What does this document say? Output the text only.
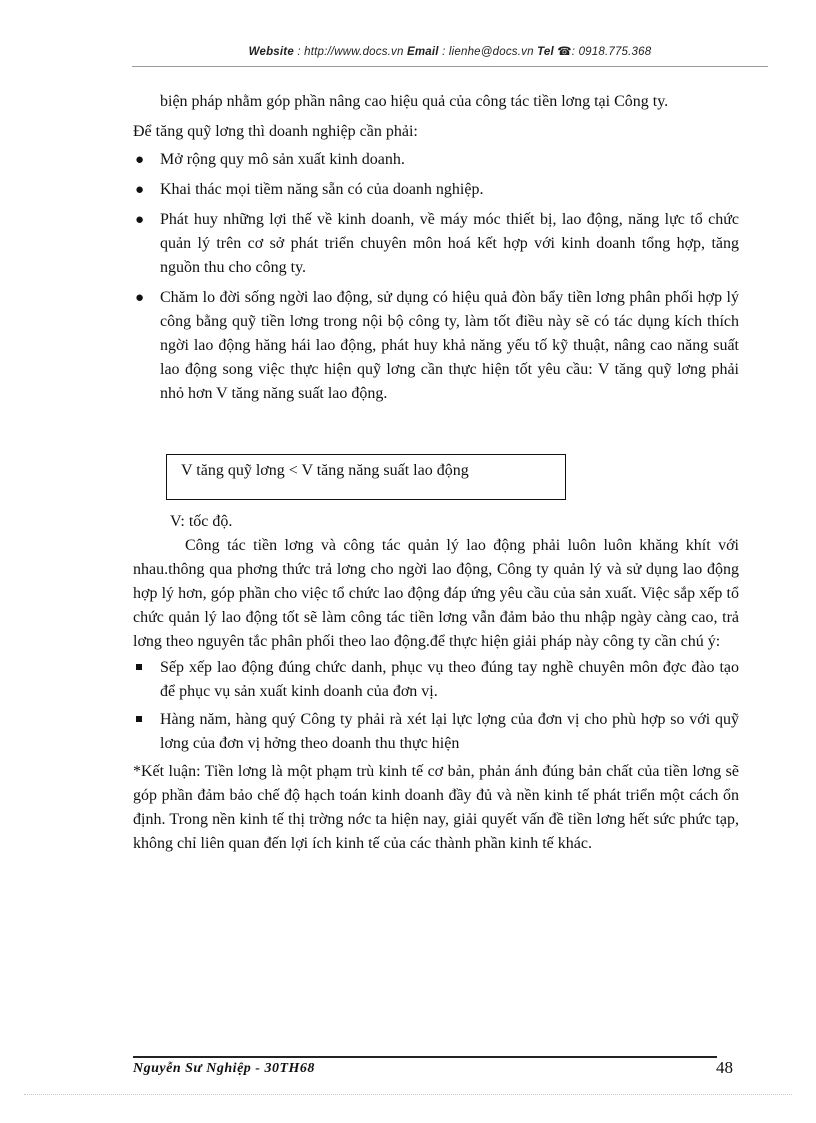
Website : http://www.docs.vn Email : lienhe@docs.vn Tel ☎: 0918.775.368

biện pháp nhằm góp phần nâng cao hiệu quả của công tác tiền lơng tại Công ty.

Để tăng quỹ lơng thì doanh nghiệp cần phải:

● Mở rộng quy mô sản xuất kinh doanh.
● Khai thác mọi tiềm năng sẵn có của doanh nghiệp.
● Phát huy những lợi thế về kinh doanh, về máy móc thiết bị, lao động, năng lực tổ chức quản lý trên cơ sở phát triển chuyên môn hoá kết hợp với kinh doanh tổng hợp, tăng nguồn thu cho công ty.
● Chăm lo đời sống ngời lao động, sử dụng có hiệu quả đòn bẩy tiền lơng phân phối hợp lý công bằng quỹ tiền lơng trong nội bộ công ty, làm tốt điều này sẽ có tác dụng kích thích ngời lao động hăng hái lao động, phát huy khả năng yếu tố kỹ thuật, nâng cao năng suất lao động song việc thực hiện quỹ lơng cần thực hiện tốt yêu cầu: V tăng quỹ lơng phải nhỏ hơn V tăng năng suất lao động.
V tăng quỹ lơng < V tăng năng suất lao động

V: tốc độ.

Công tác tiền lơng và công tác quản lý lao động phải luôn luôn khăng khít với nhau.thông qua phơng thức trả lơng cho ngời lao động, Công ty quản lý và sử dụng lao động hợp lý hơn, góp phần cho việc tổ chức lao động đáp ứng yêu cầu của sản xuất. Việc sắp xếp tổ chức quản lý lao động tốt sẽ làm công tác tiền lơng vẫn đảm bảo thu nhập ngày càng cao, trả lơng theo nguyên tắc phân phối theo lao động.để thực hiện giải pháp này công ty cần chú ý:

Sếp xếp lao động đúng chức danh, phục vụ theo đúng tay nghề chuyên môn đợc đào tạo để phục vụ sản xuất kinh doanh của đơn vị.
Hàng năm, hàng quý Công ty phải rà xét lại lực lợng của đơn vị cho phù hợp so với quỹ lơng của đơn vị hởng theo doanh thu thực hiện

*Kết luận: Tiền lơng là một phạm trù kinh tế cơ bản, phản ánh đúng bản chất của tiền lơng sẽ góp phần đảm bảo chế độ hạch toán kinh doanh đầy đủ và nền kinh tế phát triển một cách ổn định. Trong nền kinh tế thị trờng nớc ta hiện nay, giải quyết vấn đề tiền lơng hết sức phức tạp, không chỉ liên quan đến lợi ích kinh tế của các thành phần kinh tế khác.

Nguyễn Sư Nghiệp - 30TH68	48
